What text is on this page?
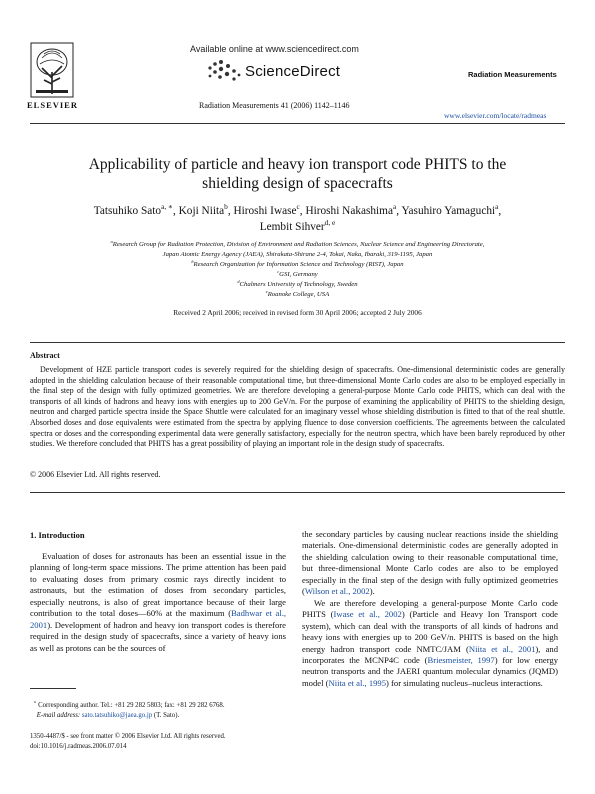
ELSEVIER
Available online at www.sciencedirect.com
ScienceDirect	Radiation Measurements
Radiation Measurements 41 (2006) 1142–1146
www.elsevier.com/locate/radmeas
Applicability of particle and heavy ion transport code PHITS to the
shielding design of spacecrafts
Tatsuhiko Sato$^{a, ∗}$, Koji Niita$^b$, Hiroshi Iwase$^c$, Hiroshi Nakashima$^a$, Yasuhiro Yamaguchi$^a$,
Lembit Sihver$^{d, e}$
$^a$Research Group for Radiation Protection, Division of Environment and Radiation Sciences, Nuclear Science and Engineering Directorate,
Japan Atomic Energy Agency (JAEA), Shirakata-Shirane 2-4, Tokai, Naka, Ibaraki, 319-1195, Japan
$^b$Research Organization for Information Science and Technology (RIST), Japan
$^c$GSI, Germany
$^d$Chalmers University of Technology, Sweden
$^e$Roanoke College, USA
Received 2 April 2006; received in revised form 30 April 2006; accepted 2 July 2006
Abstract
Development of HZE particle transport codes is severely required for the shielding design of spacecrafts. One-dimensional deterministic codes are generally adopted in the shielding calculation because of their reasonable computational time, but three-dimensional Monte Carlo codes are also to be employed especially in the final step of the design with fully optimized geometries. We are therefore developing a general-purpose Monte Carlo code PHITS, which can deal with the transports of all kinds of hadrons and heavy ions with energies up to 200 GeV/n. For the purpose of examining the applicability of PHITS to the shielding design, neutron and charged particle spectra inside the Space Shuttle were calculated for an imaginary vessel whose shielding distribution is fitted to that of the real shuttle. Absorbed doses and dose equivalents were estimated from the spectra by applying fluence to dose conversion coefficients. The agreements between the calculated spectra or doses and the corresponding experimental data were generally satisfactory, especially for the neutron spectra, which have been barely reproduced by other studies. We therefore concluded that PHITS has a great possibility of playing an important role in the design study of spacecrafts.
© 2006 Elsevier Ltd. All rights reserved.
1. Introduction

Evaluation of doses for astronauts has been an essential issue in the planning of long-term space missions. The prime attention has been paid to evaluating doses from primary cosmic rays directly incident to astronauts, but the estimation of doses from secondary particles, especially neutrons, is also of great importance because of their large contribution to the total doses—60% at the maximum (Badhwar et al., 2001). Development of hadron and heavy ion transport codes is therefore required in the design study of spacecrafts, since a variety of heavy ions as well as protons can be the sources of

the secondary particles by causing nuclear reactions inside the shielding materials. One-dimensional deterministic codes are generally adopted in the shielding calculation owing to their reasonable computational time, but three-dimensional Monte Carlo codes are also to be employed especially in the final step of the design with fully optimized geometries (Wilson et al., 2002).

We are therefore developing a general-purpose Monte Carlo code PHITS (Iwase et al., 2002) (Particle and Heavy Ion Transport code system), which can deal with the transports of all kinds of hadrons and heavy ions with energies up to 200 GeV/n. PHITS is based on the high energy hadron transport code NMTC/JAM (Niita et al., 2001), and incorporates the MCNP4C code (Briesmeister, 1997) for low energy neutron transports and the JAERI quantum molecular dynamics (JQMD) model (Niita et al., 1995) for simulating nucleus–nucleus interactions.

∗ Corresponding author. Tel.: +81 29 282 5803; fax: +81 29 282 6768.
E-mail address: sato.tatsuhiko@jaea.go.jp (T. Sato).
1350-4487/$ - see front matter © 2006 Elsevier Ltd. All rights reserved.
doi:10.1016/j.radmeas.2006.07.014
